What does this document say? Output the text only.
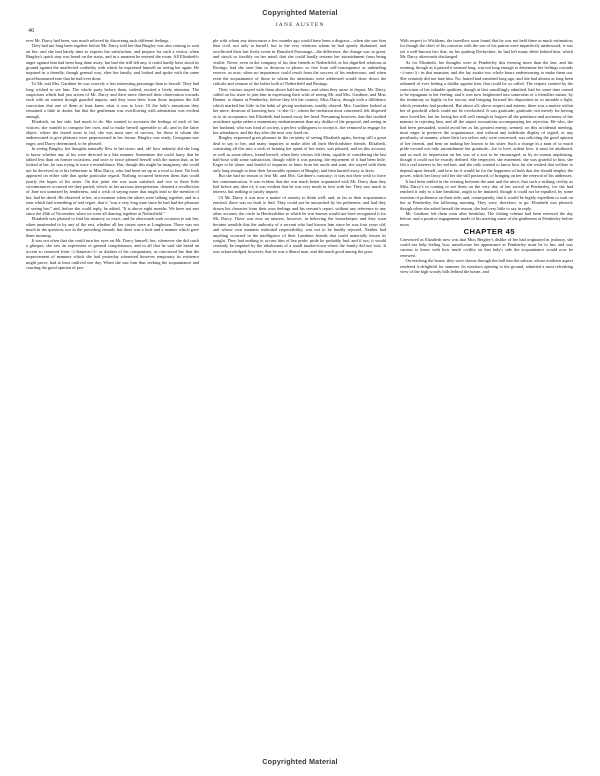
Copyrighted Material
JANE AUSTEN
46

ever Mr. Darcy had been, was much relieved by discerning such different feelings.

They had not long been together before Mr. Darcy told her that Bingley was also coming to wait on her; and she had barely time to express her satisfaction, and prepare for such a visitor, when Bingley's quick step was heard on the stairs, and in a moment he entered the room. All Elizabeth's anger against him had been long done away; but had she still felt any, it could hardly have stood its ground against the unaffected cordiality with which he expressed himself on seeing her again. He inquired in a friendly, though general way, after her family, and looked and spoke with the same good-humoured ease that he had ever done.

To Mr. and Mrs. Gardiner he was scarcely a less interesting personage than to herself. They had long wished to see him. The whole party before them, indeed, excited a lively attention. The suspicions which had just arisen of Mr. Darcy and their niece directed their observation towards each with an earnest though guarded inquiry; and they soon drew from those inquiries the full conviction that one of them at least knew what it was to love. Of the lady's sensations they remained a little in doubt; but that the gentleman was overflowing with admiration was evident enough.

Elizabeth, on her side, had much to do. She wanted to ascertain the feelings of each of her visitors; she wanted to compose her own, and to make herself agreeable to all; and in the latter object, where she feared most to fail, she was most sure of success, for those to whom she endeavoured to give pleasure were prepossessed in her favour. Bingley was ready, Georgiana was eager, and Darcy determined, to be pleased.

In seeing Bingley, her thoughts naturally flew to her sister; and, oh! how ardently did she long to know whether any of his were directed in a like manner. Sometimes she could fancy that he talked less than on former occasions, and once or twice pleased herself with the notion that, as he looked at her, he was trying to trace a resemblance. But, though this might be imaginary, she could not be deceived as to his behaviour to Miss Darcy, who had been set up as a rival to Jane. No look appeared on either side that spoke particular regard. Nothing occurred between them that could justify the hopes of his sister. On this point she was soon satisfied; and two or three little circumstances occurred ere they parted, which, in her anxious interpretation, denoted a recollection of Jane not unmixed by tenderness, and a wish of saying more that might lead to the mention of her, had he dared. He observed to her, at a moment when the others were talking together, and in a tone which had something of real regret, that it "was a very long time since he had had the pleasure of seeing her;" and, before she could reply, he added, "It is above eight months. We have not met since the 26th of November, when we were all dancing together at Netherfield."

Elizabeth was pleased to find his memory so exact; and he afterwards took occasion to ask her, when unattended to by any of the rest, whether all her sisters were at Longbourn. There was not much in the question, nor in the preceding remark; but there was a look and a manner which gave them meaning.

It was not often that she could turn her eyes on Mr. Darcy himself; but, whenever she did catch a glimpse, she saw an expression of general complaisance, and in all that he said she heard an accent so removed from <i>hauteur</i> or disdain of his companions, as convinced her that the improvement of manners which she had yesterday witnessed however temporary its existence might prove, had at least outlived one day. When she saw him thus seeking the acquaintance and courting the good opinion of peo-

ple with whom any intercourse a few months ago would have been a disgrace—when she saw him thus civil, not only to herself, but to the very relations whom he had openly disdained, and recollected their last lively scene in Hunsford Parsonage—the difference, the change was so great, and struck so forcibly on her mind, that she could hardly restrain her astonishment from being visible. Never, even in the company of his dear friends at Netherfield, or his dignified relations at Rosings, had she seen him so desirous to please, so free from self-consequence or unbending reserve, as now, when no importance could result from the success of his endeavours, and when even the acquaintance of those to whom his attentions were addressed would draw down the ridicule and censure of the ladies both of Netherfield and Rosings.

Their visitors stayed with them above half-an-hour; and when they arose to depart, Mr. Darcy called on his sister to join him in expressing their wish of seeing Mr. and Mrs. Gardiner, and Miss Bennet, to dinner at Pemberley, before they left the country. Miss Darcy, though with a diffidence which marked her little in the habit of giving invitations, readily obeyed. Mrs. Gardiner looked at her niece, desirous of knowing how <i>she</i>, whom the invitation most concerned, felt disposed as to its acceptance, but Elizabeth had turned away her head. Presuming however, that this studied avoidance spoke rather a momentary embarrassment than any dislike of the proposal, and seeing in her husband, who was fond of society, a perfect willingness to accept it, she ventured to engage for her attendance, and the day after the next was fixed on.

Bingley expressed great pleasure in the certainty of seeing Elizabeth again, having still a great deal to say to her, and many inquiries to make after all their Hertfordshire friends. Elizabeth, construing all this into a wish of hearing her speak of her sister, was pleased, and on this account, as well as some others, found herself, when their visitors left them, capable of considering the last half-hour with some satisfaction, though while it was passing, the enjoyment of it had been little. Eager to be alone, and fearful of inquiries or hints from her uncle and aunt, she stayed with them only long enough to hear their favourable opinion of Bingley, and then hurried away to dress.

But she had no reason to fear Mr. and Mrs. Gardiner's curiosity; it was not their wish to force her communication. It was evident that she was much better acquainted with Mr. Darcy than they had before any idea of; it was evident that he was very much in love with her. They saw much to interest, but nothing to justify inquiry.

Of Mr. Darcy it was now a matter of anxiety to think well; and, as far as their acquaintance reached, there was no fault to find. They could not be untouched by his politeness; and had they drawn his character from their own feelings and his servant's report, without any reference to any other account, the circle in Hertfordshire to which he was known would not have recognized it for Mr. Darcy. There was now an interest, however, in believing the housekeeper, and they soon became sensible that the authority of a servant who had known him since he was four years old, and whose own manners indicated respectability, was not to be hastily rejected. Neither had anything occurred in the intelligence of their Lambton friends that could materially lessen its weight. They had nothing to accuse him of but pride; pride he probably had, and if not, it would certainly be imputed by the inhabitants of a small market-town where the family did not visit. It was acknowledged, however, that he was a liberal man, and did much good among the poor.

With respect to Wickham, the travellers soon found that he was not held there in much estimation; for though the chief of his concerns with the son of his patron were imperfectly understood, it was yet a well-known fact that, on his quitting Derbyshire, he had left many debts behind him, which Mr. Darcy afterwards discharged.

As for Elizabeth, her thoughts were at Pemberley this evening more than the last; and the evening, though as it passed it seemed long, was not long enough to determine her feelings towards <i>one</i> in that mansion; and she lay awake two whole hours endeavouring to make them out. She certainly did not hate him. No; hatred had vanished long ago, and she had almost as long been ashamed of ever feeling a dislike against him, that could be so called. The respect created by the conviction of his valuable qualities, though at first unwillingly admitted, had for some time ceased to be repugnant to her feeling; and it was now heightened into somewhat of a friendlier nature, by the testimony so highly in his favour, and bringing forward his disposition in so amiable a light, which yesterday had produced. But above all, above respect and esteem, there was a motive within her of goodwill which could not be overlooked. It was gratitude; gratitude, not merely for having once loved her, but for loving her still well enough to forgive all the petulance and acrimony of her manner in rejecting him, and all the unjust accusations accompanying her rejection. He who, she had been persuaded, would avoid her as his greatest enemy, seemed, on this accidental meeting, most eager to preserve the acquaintance, and without any indelicate display of regard, or any peculiarity of manner, where their two selves only were concerned, was soliciting the good opinion of her friends, and bent on making her known to his sister. Such a change in a man of so much pride excited not only astonishment but gratitude—for to love, ardent love, it must be attributed; and as such its impression on her was of a sort to be encouraged, as by no means unpleasing, though it could not be exactly defined. She respected, she esteemed, she was grateful to him, she felt a real interest in his welfare; and she only wanted to know how far she wished that welfare to depend upon herself, and how far it would be for the happiness of both that she should employ the power, which her fancy told her she still possessed, of bringing on her the renewal of his addresses.

It had been settled in the evening between the aunt and the niece, that such a striking civility as Miss Darcy's in coming to see them on the very day of her arrival at Pemberley, for she had reached it only to a late breakfast, ought to be imitated, though it could not be equalled, by some exertion of politeness on their side; and, consequently, that it would be highly expedient to wait on her at Pemberley the following morning. They were, therefore, to go. Elizabeth was pleased; though when she asked herself the reason, she had very little to say in reply.

Mr. Gardiner left them soon after breakfast. The fishing scheme had been renewed the day before, and a positive engagement made of his meeting some of the gentlemen at Pemberley before noon.

CHAPTER 45

Convinced as Elizabeth now was that Miss Bingley's dislike of her had originated in jealousy, she could not help feeling how unwelcome her appearance at Pemberley must be to her, and was curious to know with how much civility on that lady's side the acquaintance would now be renewed.

On reaching the house, they were shown through the hall into the saloon, whose northern aspect rendered it delightful for summer. Its windows opening to the ground, admitted a most refreshing view of the high woody hills behind the house, and

Copyrighted Material
